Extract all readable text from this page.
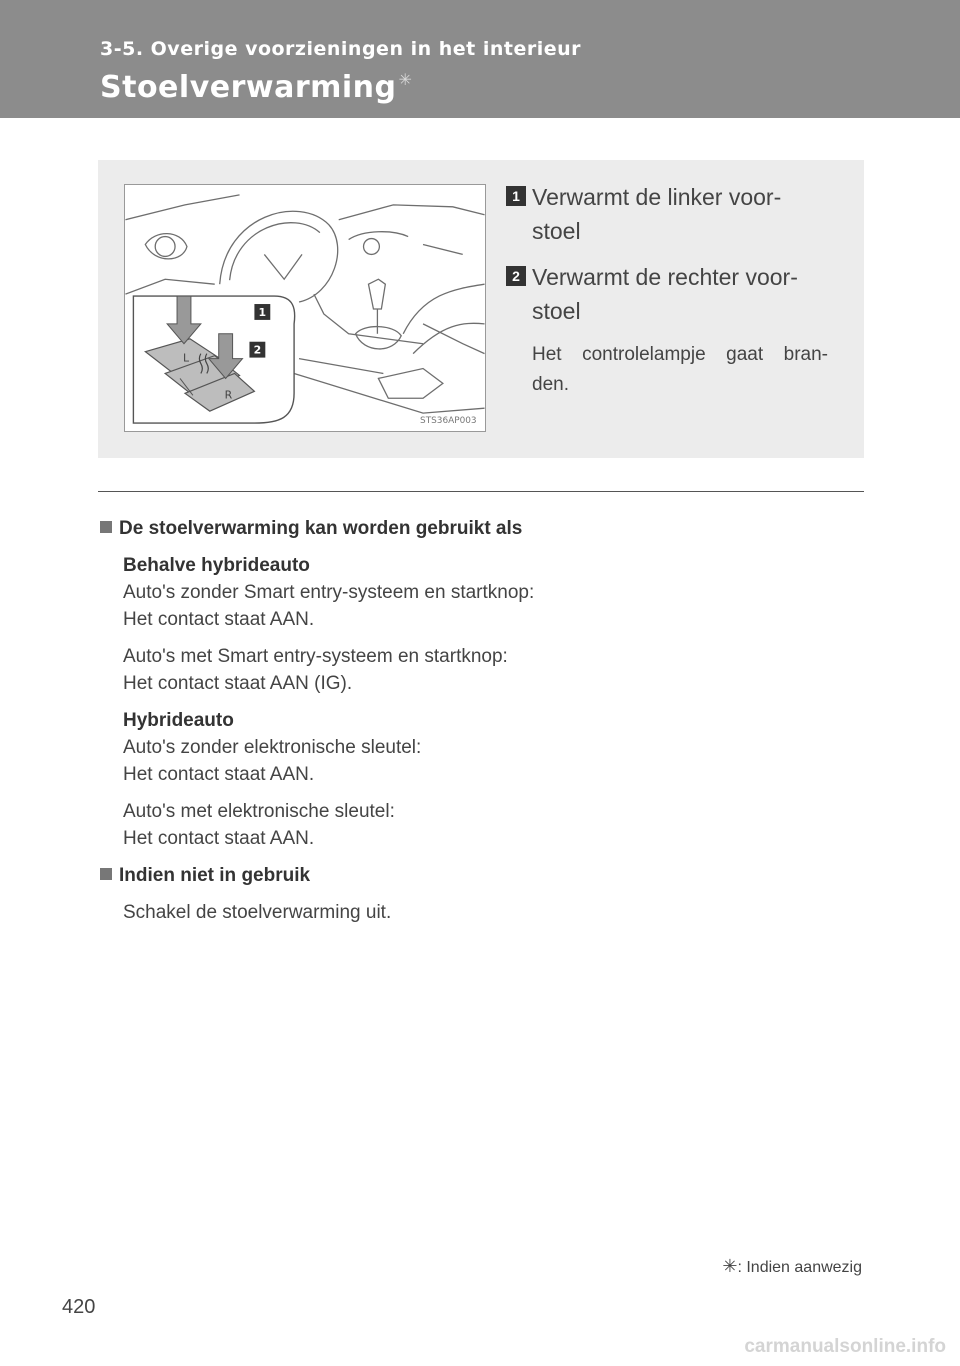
3-5. Overige voorzieningen in het interieur
Stoelverwarming ✳
L
R
1
2
STS36AP003
1 Verwarmt de linker voor-
stoel
2 Verwarmt de rechter voor-
stoel
Het controlelampje gaat bran-
den.
De stoelverwarming kan worden gebruikt als
Behalve hybrideauto
Auto's zonder Smart entry-systeem en startknop:
Het contact staat AAN.
Auto's met Smart entry-systeem en startknop:
Het contact staat AAN (IG).
Hybrideauto
Auto's zonder elektronische sleutel:
Het contact staat AAN.
Auto's met elektronische sleutel:
Het contact staat AAN.
Indien niet in gebruik
Schakel de stoelverwarming uit.
✳: Indien aanwezig
420
carmanualsonline.info
